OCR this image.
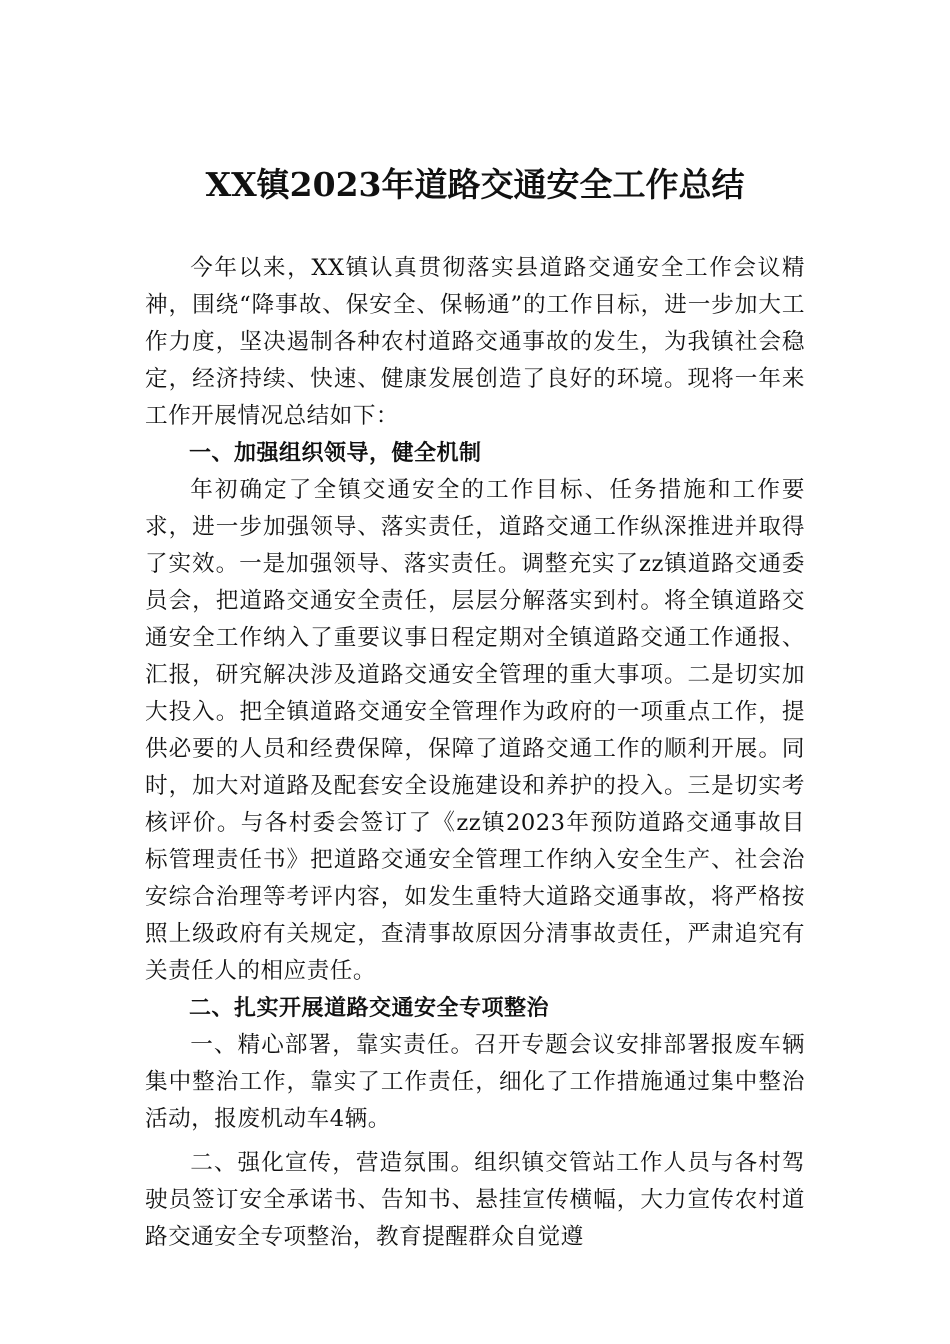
XX镇2023年道路交通安全工作总结

今年以来，XX镇认真贯彻落实县道路交通安全工作会议精神，围绕“降事故、保安全、保畅通”的工作目标，进一步加大工作力度，坚决遏制各种农村道路交通事故的发生，为我镇社会稳定，经济持续、快速、健康发展创造了良好的环境。现将一年来工作开展情况总结如下：

一、加强组织领导，健全机制

年初确定了全镇交通安全的工作目标、任务措施和工作要求，进一步加强领导、落实责任，道路交通工作纵深推进并取得了实效。一是加强领导、落实责任。调整充实了zz镇道路交通委员会，把道路交通安全责任，层层分解落实到村。将全镇道路交通安全工作纳入了重要议事日程定期对全镇道路交通工作通报、汇报，研究解决涉及道路交通安全管理的重大事项。二是切实加大投入。把全镇道路交通安全管理作为政府的一项重点工作，提供必要的人员和经费保障，保障了道路交通工作的顺利开展。同时，加大对道路及配套安全设施建设和养护的投入。三是切实考核评价。与各村委会签订了《zz镇2023年预防道路交通事故目标管理责任书》把道路交通安全管理工作纳入安全生产、社会治安综合治理等考评内容，如发生重特大道路交通事故，将严格按照上级政府有关规定，查清事故原因分清事故责任，严肃追究有关责任人的相应责任。

二、扎实开展道路交通安全专项整治

一、精心部署，靠实责任。召开专题会议安排部署报废车辆集中整治工作，靠实了工作责任，细化了工作措施通过集中整治活动，报废机动车4辆。

二、强化宣传，营造氛围。组织镇交管站工作人员与各村驾驶员签订安全承诺书、告知书、悬挂宣传横幅，大力宣传农村道路交通安全专项整治，教育提醒群众自觉遵
